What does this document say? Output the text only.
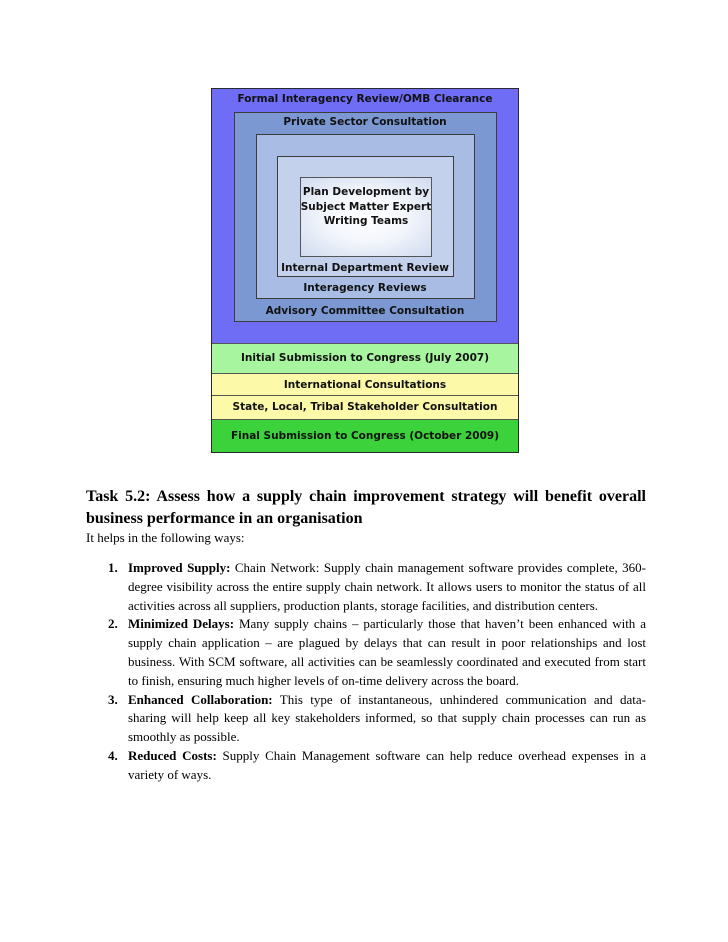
Formal Interagency Review/OMB Clearance
Private Sector Consultation
Plan Development by Subject Matter Expert Writing Teams
Internal Department Review
Interagency Reviews
Advisory Committee Consultation
Initial Submission to Congress (July 2007)
International Consultations
State, Local, Tribal Stakeholder Consultation
Final Submission to Congress (October 2009)
Task 5.2: Assess how a supply chain improvement strategy will benefit overall business performance in an organisation
It helps in the following ways:
1. Improved Supply: Chain Network: Supply chain management software provides complete, 360-degree visibility across the entire supply chain network. It allows users to monitor the status of all activities across all suppliers, production plants, storage facilities, and distribution centers.
2. Minimized Delays: Many supply chains – particularly those that haven’t been enhanced with a supply chain application – are plagued by delays that can result in poor relationships and lost business. With SCM software, all activities can be seamlessly coordinated and executed from start to finish, ensuring much higher levels of on-time delivery across the board.
3. Enhanced Collaboration: This type of instantaneous, unhindered communication and data-sharing will help keep all key stakeholders informed, so that supply chain processes can run as smoothly as possible.
4. Reduced Costs: Supply Chain Management software can help reduce overhead expenses in a variety of ways.
